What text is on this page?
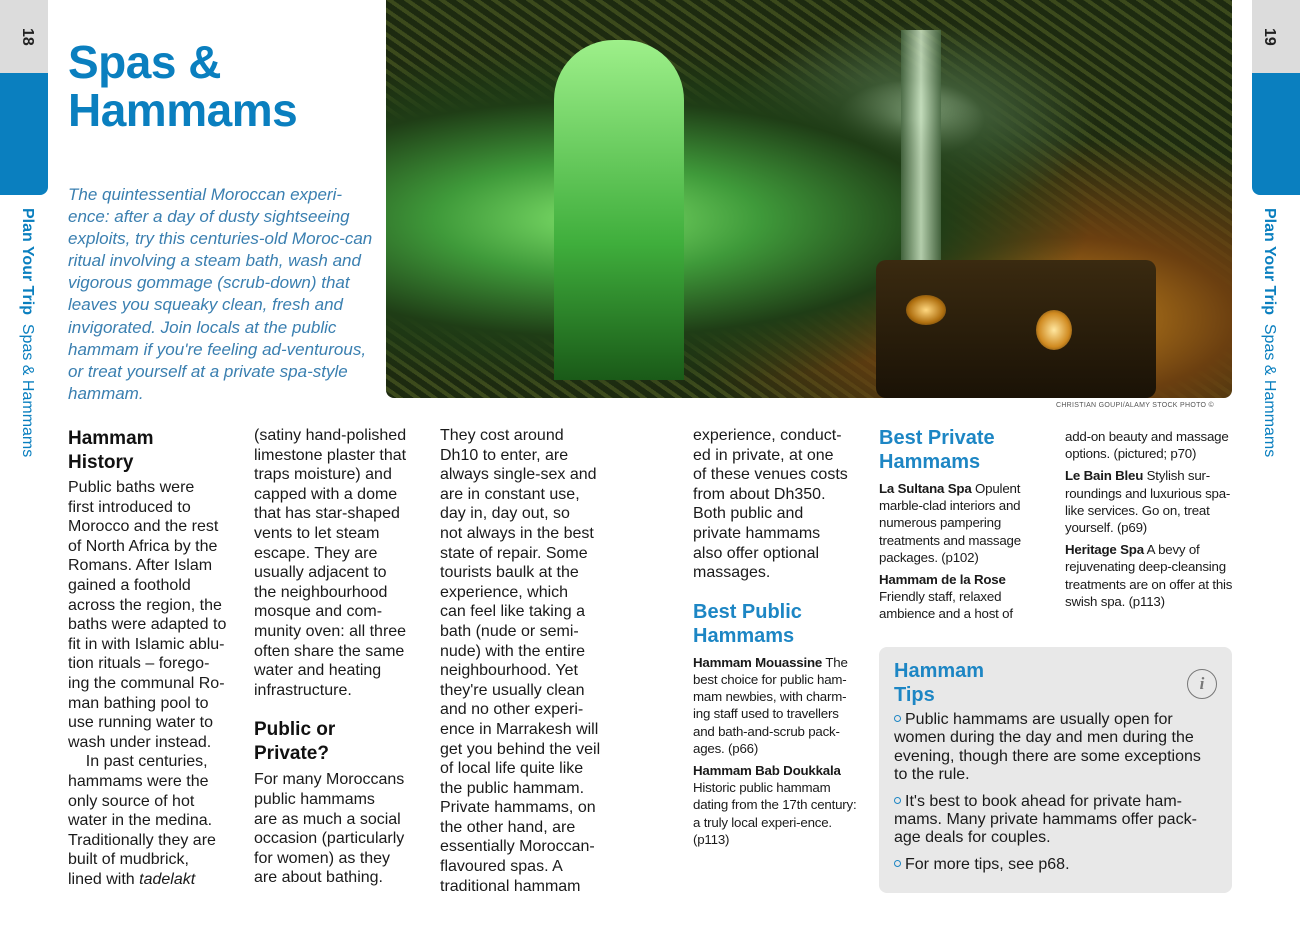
18
Plan Your Trip  Spas & Hammams
19
Plan Your Trip  Spas & Hammams
Spas &
Hammams
The quintessential Moroccan experi-ence: after a day of dusty sightseeing exploits, try this centuries-old Moroc-can ritual involving a steam bath, wash and vigorous gommage (scrub-down) that leaves you squeaky clean, fresh and invigorated. Join locals at the public hammam if you're feeling ad-venturous, or treat yourself at a private spa-style hammam.
CHRISTIAN GOUPI/ALAMY STOCK PHOTO ©
Hammam
History
Public baths were
first introduced to
Morocco and the rest
of North Africa by the
Romans. After Islam
gained a foothold
across the region, the
baths were adapted to
fit in with Islamic ablu-
tion rituals – forego-
ing the communal Ro-
man bathing pool to
use running water to
wash under instead.
In past centuries,
hammams were the
only source of hot
water in the medina.
Traditionally they are
built of mudbrick,
lined with tadelakt
(satiny hand-polished
limestone plaster that
traps moisture) and
capped with a dome
that has star-shaped
vents to let steam
escape. They are
usually adjacent to
the neighbourhood
mosque and com-
munity oven: all three
often share the same
water and heating
infrastructure.
Public or
Private?
For many Moroccans
public hammams
are as much a social
occasion (particularly
for women) as they
are about bathing.
They cost around
Dh10 to enter, are
always single-sex and
are in constant use,
day in, day out, so
not always in the best
state of repair. Some
tourists baulk at the
experience, which
can feel like taking a
bath (nude or semi-
nude) with the entire
neighbourhood. Yet
they're usually clean
and no other experi-
ence in Marrakesh will
get you behind the veil
of local life quite like
the public hammam.
Private hammams, on
the other hand, are
essentially Moroccan-
flavoured spas. A
traditional hammam
experience, conduct-
ed in private, at one
of these venues costs
from about Dh350.
Both public and
private hammams
also offer optional
massages.
Best Public
Hammams

Hammam Mouassine The best choice for public ham-mam newbies, with charm-ing staff used to travellers and bath-and-scrub pack-ages. (p66)

Hammam Bab Doukkala Historic public hammam dating from the 17th century: a truly local experi-ence. (p113)

Best Private
Hammams

La Sultana Spa Opulent marble-clad interiors and numerous pampering treatments and massage packages. (p102)

Hammam de la Rose Friendly staff, relaxed ambience and a host of

add-on beauty and massage options. (pictured; p70)

Le Bain Bleu Stylish sur-roundings and luxurious spa-like services. Go on, treat yourself. (p69)

Heritage Spa A bevy of rejuvenating deep-cleansing treatments are on offer at this swish spa. (p113)

Hammam
Tips
i

Public hammams are usually open for women during the day and men during the evening, though there are some exceptions to the rule.

It's best to book ahead for private ham-mams. Many private hammams offer pack-age deals for couples.

For more tips, see p68.
